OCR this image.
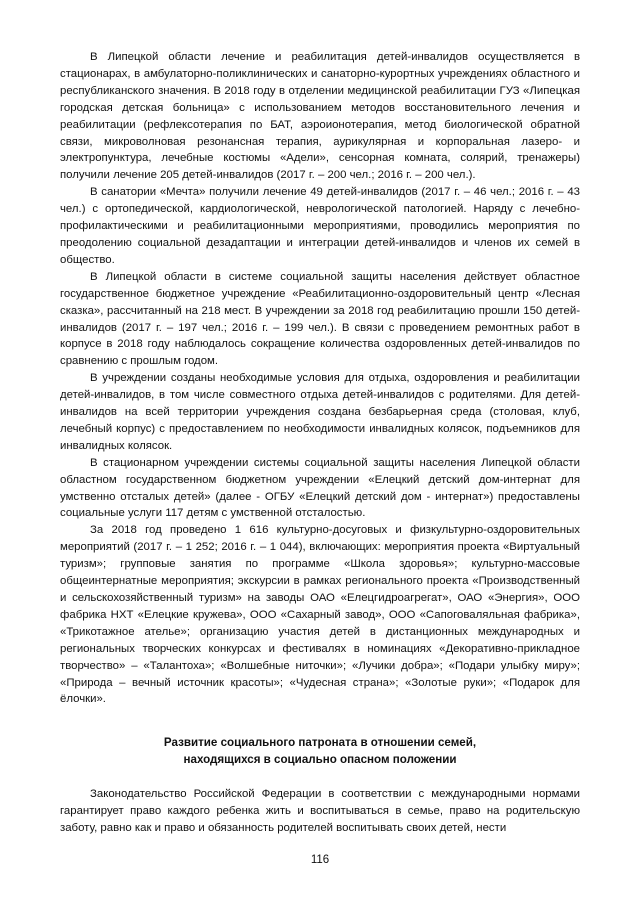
В Липецкой области лечение и реабилитация детей-инвалидов осуществляется в стационарах, в амбулаторно-поликлинических и санаторно-курортных учреждениях областного и республиканского значения. В 2018 году в отделении медицинской реабилитации ГУЗ «Липецкая городская детская больница» с использованием методов восстановительного лечения и реабилитации (рефлексотерапия по БАТ, аэроионотерапия, метод биологической обратной связи, микроволновая резонансная терапия, аурикулярная и корпоральная лазеро- и электропунктура, лечебные костюмы «Адели», сенсорная комната, солярий, тренажеры) получили лечение 205 детей-инвалидов (2017 г. – 200 чел.; 2016 г. – 200 чел.).

В санатории «Мечта» получили лечение 49 детей-инвалидов (2017 г. – 46 чел.; 2016 г. – 43 чел.) с ортопедической, кардиологической, неврологической патологией. Наряду с лечебно-профилактическими и реабилитационными мероприятиями, проводились мероприятия по преодолению социальной дезадаптации и интеграции детей-инвалидов и членов их семей в общество.

В Липецкой области в системе социальной защиты населения действует областное государственное бюджетное учреждение «Реабилитационно-оздоровительный центр «Лесная сказка», рассчитанный на 218 мест. В учреждении за 2018 год реабилитацию прошли 150 детей-инвалидов (2017 г. – 197 чел.; 2016 г. – 199 чел.). В связи с проведением ремонтных работ в корпусе в 2018 году наблюдалось сокращение количества оздоровленных детей-инвалидов по сравнению с прошлым годом.

В учреждении созданы необходимые условия для отдыха, оздоровления и реабилитации детей-инвалидов, в том числе совместного отдыха детей-инвалидов с родителями. Для детей-инвалидов на всей территории учреждения создана безбарьерная среда (столовая, клуб, лечебный корпус) с предоставлением по необходимости инвалидных колясок, подъемников для инвалидных колясок.

В стационарном учреждении системы социальной защиты населения Липецкой области областном государственном бюджетном учреждении «Елецкий детский дом-интернат для умственно отсталых детей» (далее - ОГБУ «Елецкий детский дом - интернат») предоставлены социальные услуги 117 детям с умственной отсталостью.

За 2018 год проведено 1 616 культурно-досуговых и физкультурно-оздоровительных мероприятий (2017 г. – 1 252; 2016 г. – 1 044), включающих: мероприятия проекта «Виртуальный туризм»; групповые занятия по программе «Школа здоровья»; культурно-массовые общеинтернатные мероприятия; экскурсии в рамках регионального проекта «Производственный и сельскохозяйственный туризм» на заводы ОАО «Елецгидроагрегат», ОАО «Энергия», ООО фабрика НХТ «Елецкие кружева», ООО «Сахарный завод», ООО «Сапоговаляльная фабрика», «Трикотажное ателье»; организацию участия детей в дистанционных международных и региональных творческих конкурсах и фестивалях в номинациях «Декоративно-прикладное творчество» – «Талантоха»; «Волшебные ниточки»; «Лучики добра»; «Подари улыбку миру»; «Природа – вечный источник красоты»; «Чудесная страна»; «Золотые руки»; «Подарок для ёлочки».

Развитие социального патроната в отношении семей,
находящихся в социально опасном положении

Законодательство Российской Федерации в соответствии с международными нормами гарантирует право каждого ребенка жить и воспитываться в семье, право на родительскую заботу, равно как и право и обязанность родителей воспитывать своих детей, нести

116
